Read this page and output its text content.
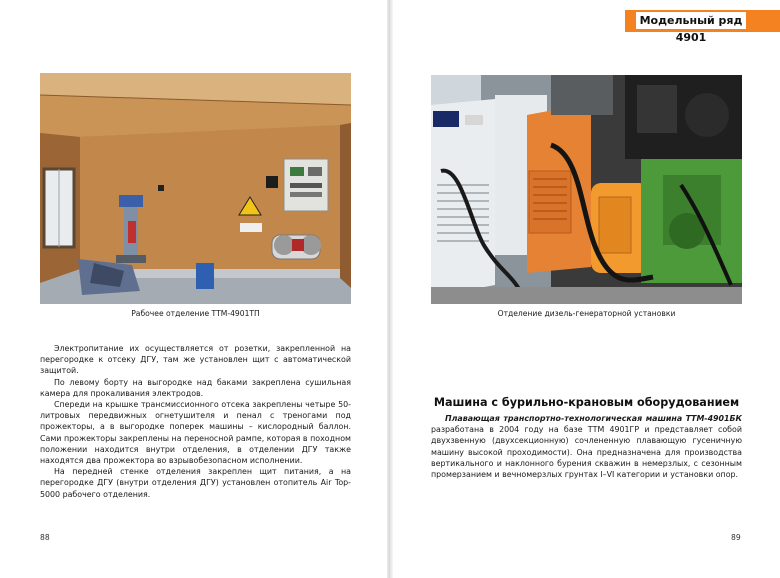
Модельный ряд 4901
Рабочее отделение ТТМ-4901ТП

Электропитание их осуществляется от розетки, закрепленной на перегородке к отсеку ДГУ, там же установлен щит с автоматической защитой.

По левому борту на выгородке над баками закреплена сушильная камера для прокаливания электродов.

Спереди на крышке трансмиссионного отсека закреплены четыре 50-литровых передвижных огнетушителя и пенал с треногами под прожекторы, а в выгородке поперек машины – кислородный баллон. Сами прожекторы закреплены на переносной рампе, которая в походном положении находится внутри отделения, в отделении ДГУ также находятся два прожектора во взрывобезопасном исполнении.

На передней стенке отделения закреплен щит питания, а на перегородке ДГУ (внутри отделения ДГУ) установлен отопитель Air Top-5000 рабочего отделения.

88
Отделение дизель-генераторной установки
Машина с бурильно-крановым оборудованием

Плавающая транспортно-технологическая машина ТТМ-4901БК разработана в 2004 году на базе ТТМ 4901ГР и представляет собой двухзвенную (двухсекционную) сочлененную плавающую гусеничную машину высокой проходимости). Она предназначена для производства вертикального и наклонного бурения скважин в немерзлых, с сезонным промерзанием и вечномерзлых грунтах I–VI категории и установки опор.

89
